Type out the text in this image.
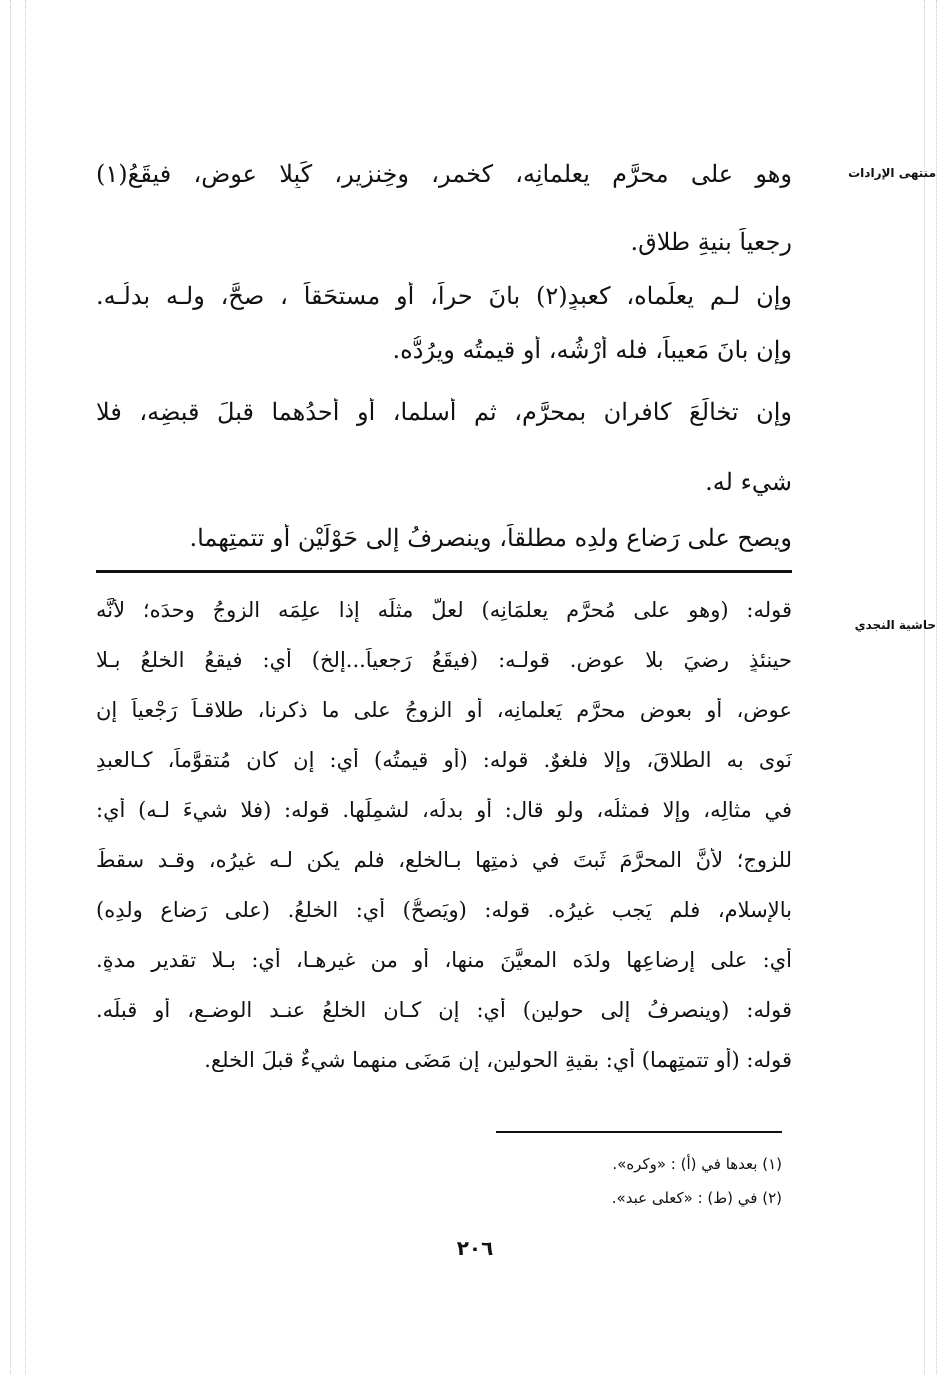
منتهى الإرادات
حاشية النجدي
وهو على محرَّمٍ يعلمانِه، كخمرٍ، وخِنزير، كَبِلا عوضٍ، فيقَعُ(١)
رجعياً بنيةِ طلاقٍ.
وإن لـم يعلَماه، كعبدٍ(٢) بانَ حراً، أو مستحَقاً ، صحَّ، ولـه بدلُـه.
وإن بانَ مَعيباً، فله أرْشُه، أو قيمتُه ويرُدُّه.
وإن تخالَعَ كافرانِ بمحرَّمٍ، ثم أسلما، أو أحدُهما قبلَ قبضِه، فلا
شيء له.
ويصح على رَضاع ولدِه مطلقاً، وينصرفُ إلى حَوْلَيْن أو تتمتِهما.
قوله: (وهو على مُحرَّمٍ يعلمَانِه) لعلَّ مثلَه إذا علِمَه الزوجُ وحدَه؛ لأنَّه
حينئذٍ رضيَ بلا عوضٍ. قولـه: (فيقَعُ رَجعياً...إلخ) أي: فيقعُ الخلعُ بـلا
عوضٍ، أو بعوضٍ محرَّمٍ يَعلمانِه، أو الزوجُ على ما ذكرنا، طلاقـاً رَجْعياً إن
نَوى به الطلاقَ، وإلا فلغوٌ. قوله: (أو قيمتُه) أي: إن كان مُتقوَّماً، كـالعبدِ
في مثالِه، وإلا فمثلُه، ولو قال: أو بدلُه، لشمِلَها. قوله: (فلا شيءَ لـه) أي:
للزوجِ؛ لأنَّ المحرَّمَ ثَبتَ في ذمتِها بـالخلع، فلم يكن لـه غيرُه، وقـد سقطَ
بالإسلام، فلم يَجب غيرُه. قوله: (ويَصحُّ) أي: الخلعُ. (على رَضاعِ ولدِه)
أي: على إرضاعِها ولدَه المعيَّنَ منها، أو من غيرِهـا، أي: بـلا تقديرِ مدةٍ.
قوله: (وينصرفُ إلى حولين) أي: إن كـان الخلعُ عنـد الوضـعِ، أو قبلَه.
قوله: (أو تتمتِهما) أي: بقيةِ الحولين، إن مَضَى منهما شيءٌ قبلَ الخلع.
(١) بعدها في (أ) : «وكره».
(٢) في (ط) : «كعلى عبد».
٢٠٦
